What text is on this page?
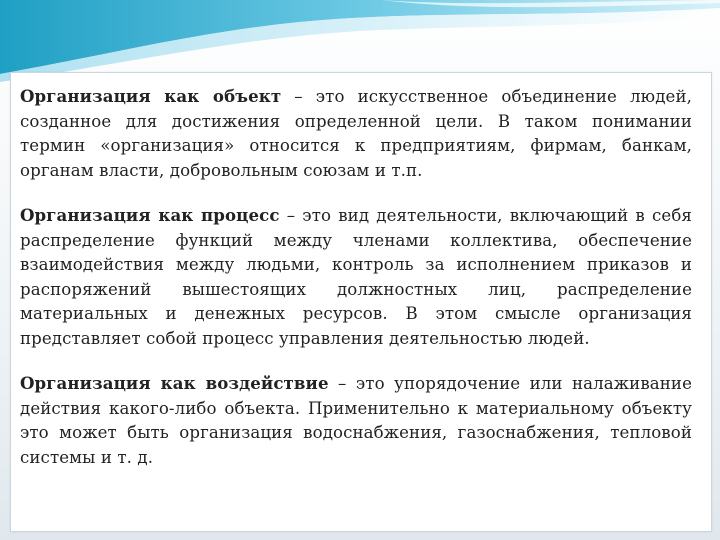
Организация как объект – это искусственное объединение людей, созданное для достижения определенной цели. В таком понимании термин «организация» относится к предприятиям, фирмам, банкам, органам власти, добровольным союзам и т.п.

Организация как процесс – это вид деятельности, включающий в себя распределение функций между членами коллектива, обеспечение взаимодействия между людьми, контроль за исполнением приказов и распоряжений вышестоящих должностных лиц, распределение материальных и денежных ресурсов. В этом смысле организация представляет собой процесс управления деятельностью людей.

Организация как воздействие – это упорядочение или налаживание действия какого-либо объекта. Применительно к материальному объекту это может быть организация водоснабжения, газоснабжения, тепловой системы и т. д.
